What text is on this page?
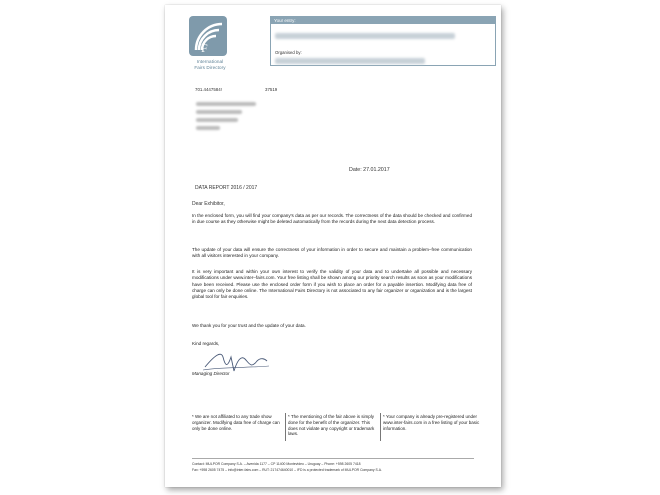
F
International
Fairs Directory
Your entry:
Organised by:
701.4447584!	37519
Date: 27.01.2017
DATA REPORT 2016 / 2017
Dear Exhibitor,
In the enclosed form, you will find your company's data as per our records. The correctness of the data should be checked and confirmed in due course as they otherwise might be deleted automatically from the records during the next data detection process.
The update of your data will ensure the correctness of your information in order to secure and maintain a problem–free communication with all visitors interested in your company.
It is very important and within your own interest to verify the validity of your data and to undertake all possible and necessary modifications under www.inter–fairs.com. Your free listing shall be shown among our priority search results as soon as your modifications have been received. Please use the enclosed order form if you wish to place an order for a payable insertion. Modifying data free of charge can only be done online. The International Fairs Directory is not associated to any fair organizer or organization and is the largest global tool for fair enquiries.
We thank you for your trust and the update of your data.
Kind regards,
Managing Director
* We are not affiliated to any trade show organizer. Modifying data free of charge can only be done online.
* The mentioning of the fair above is simply done for the benefit of the organizer. This does not violate any copyright or trademark laws.
* Your company is already pre-registered under www.inter-fairs.com in a free listing of your basic information.
Contact: MULPOR Company S.A. – Avenida 1177 – CP 11400 Montevideo – Uruguay – Phone: +598 2605 7418
Fax: +598 2605 7475 – info@inter-fairs.com – RUT: 21747464001​0 – IFD is a protected trademark of MULPOR Company S.A.
